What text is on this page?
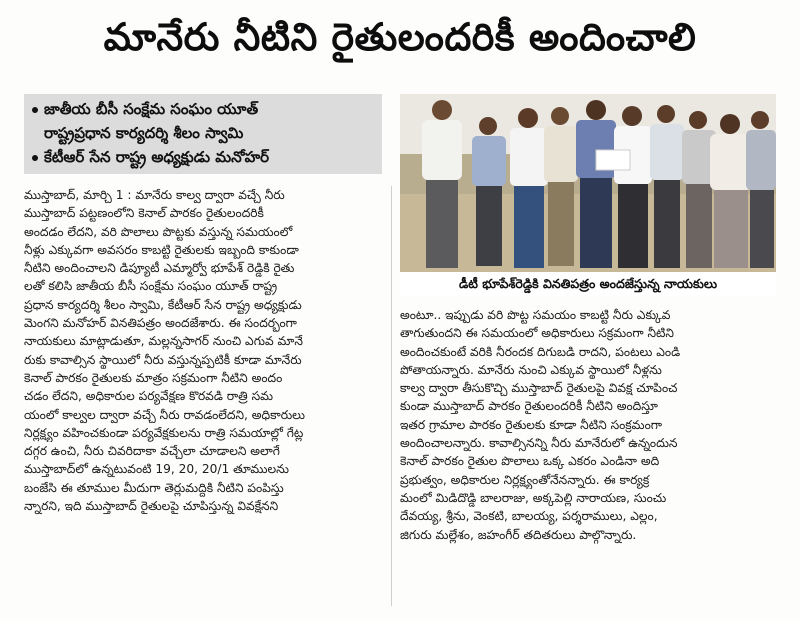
మానేరు నీటిని రైతులందరికీ అందించాలి
జాతీయ బీసీ సంక్షేమ సంఘం యూత్
రాష్ట్రప్రధాన కార్యదర్శి శీలం స్వామి
కేటీఆర్ సేన రాష్ట్ర అధ్యక్షుడు మనోహర్
డీటీ భూపేశ్‌రెడ్డికి వినతిపత్రం అందజేస్తున్న నాయకులు
ముస్తాబాద్, మార్చి 1 : మానేరు కాల్వ ద్వారా వచ్చే నీరు
ముస్తాబాద్ పట్టణంలోని కెనాల్ పారకం రైతులందరికీ
అందడం లేదని, వరి పొలాలు పొట్టకు వస్తున్న సమయంలో
నీళ్లు ఎక్కువగా అవసరం కాబట్టి రైతులకు ఇబ్బంది కాకుండా
నీటిని అందించాలని డిప్యూటీ ఎమ్మార్వో భూపేశ్ రెడ్డికి రైతు
లతో కలిసి జాతీయ బీసీ సంక్షేమ సంఘం యూత్ రాష్ట్ర
ప్రధాన కార్యదర్శి శీలం స్వామి, కేటీఆర్ సేన రాష్ట్ర అధ్యక్షుడు
మెంగని మనోహర్ వినతిపత్రం అందజేశారు. ఈ సందర్భంగా
నాయకులు మాట్లాడుతూ, మల్లన్నసాగర్ నుంచి ఎగువ మానే
రుకు కావాల్సిన స్థాయిలో నీరు వస్తున్నప్పటికీ కూడా మానేరు
కెనాల్ పారకం రైతులకు మాత్రం సక్రమంగా నీటిని అందం
చడం లేదని, అధికారుల పర్యవేక్షణ కొరవడి రాత్రి సమ
యంలో కాల్వల ద్వారా వచ్చే నీరు రావడంలేదని, అధికారులు
నిర్లక్ష్యం వహించకుండా పర్యవేక్షకులను రాత్రి సమయాల్లో గేట్ల
దగ్గర ఉంచి, నీరు చివరిదాకా వచ్చేలా చూడాలని అలాగే
ముస్తాబాద్‌లో ఉన్నటువంటి 19, 20, 20/1 తూములను
బంజేసి ఈ తూముల మీదుగా తెర్లుమద్దికి నీటిని పంపిస్తు
న్నారని, ఇది ముస్తాబాద్ రైతులపై చూపిస్తున్న వివక్షేనని
అంటూ.. ఇప్పుడు వరి పొట్ట సమయం కాబట్టి నీరు ఎక్కువ
తాగుతుందని ఈ సమయంలో అధికారులు సక్రమంగా నీటిని
అందించకుంటే వరికి నీరందక దిగుబడి రాదని, పంటలు ఎండి
పోతాయన్నారు. మానేరు నుంచి ఎక్కువ స్థాయిలో నీళ్లను
కాల్వ ద్వారా తీసుకొచ్చి ముస్తాబాద్ రైతులపై వివక్ష చూపించ
కుండా ముస్తాబాద్ పారకం రైతులందరికీ నీటిని అందిస్తూ
ఇతర గ్రామాల పారకం రైతులకు కూడా నీటిని సంక్రమంగా
అందించాలన్నారు. కావాల్సినన్ని నీరు మానేరులో ఉన్నందున
కెనాల్ పారకం రైతుల పొలాలు ఒక్క ఎకరం ఎండినా అది
ప్రభుత్వం, అధికారుల నిర్లక్ష్యంతోనేనన్నారు. ఈ కార్యక్ర
మంలో మిడిదొడ్డి బాలరాజు, అక్కపెల్లి నారాయణ, సుంచు
దేవయ్య, శ్రీను, వెంకటి, బాలయ్య, పర్శరాములు, ఎల్లం,
జిగురు మల్లేశం, జహంగీర్ తదితరులు పాల్గొన్నారు.
